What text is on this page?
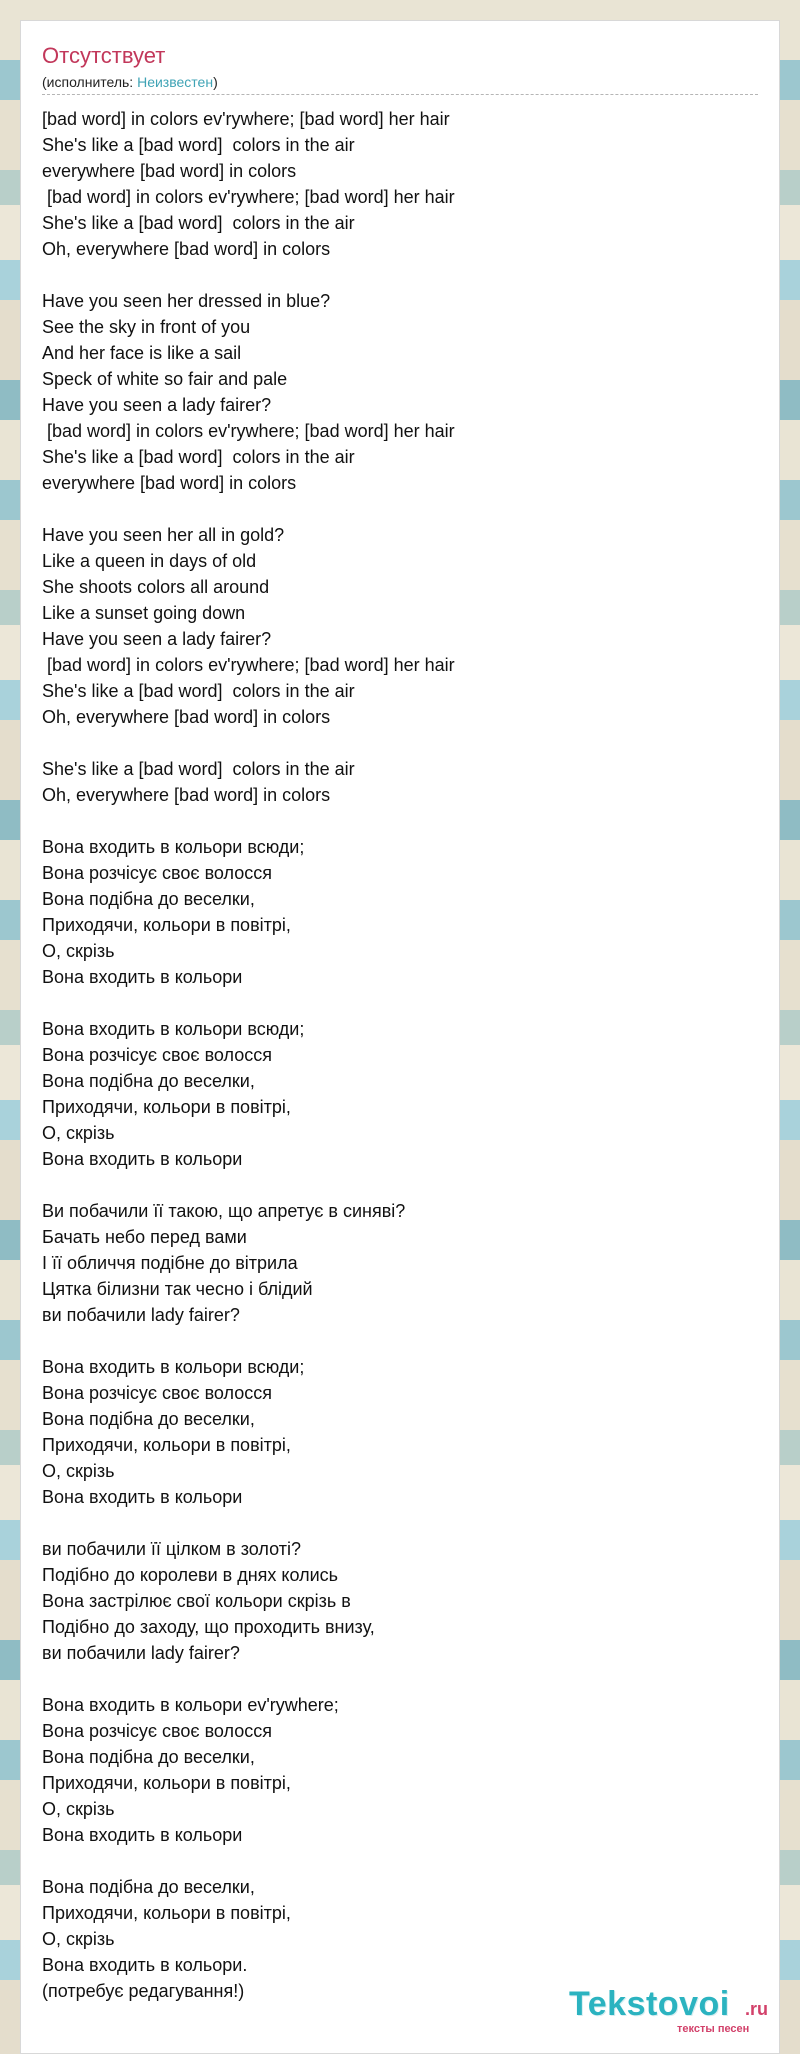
Отсутствует

(исполнитель: Неизвестен)

[bad word] in colors ev'rywhere; [bad word] her hair
She's like a [bad word]  colors in the air
everywhere [bad word] in colors
[bad word] in colors ev'rywhere; [bad word] her hair
She's like a [bad word]  colors in the air
Oh, everywhere [bad word] in colors
Have you seen her dressed in blue?
See the sky in front of you
And her face is like a sail
Speck of white so fair and pale
Have you seen a lady fairer?
[bad word] in colors ev'rywhere; [bad word] her hair
She's like a [bad word]  colors in the air
everywhere [bad word] in colors
Have you seen her all in gold?
Like a queen in days of old
She shoots colors all around
Like a sunset going down
Have you seen a lady fairer?
[bad word] in colors ev'rywhere; [bad word] her hair
She's like a [bad word]  colors in the air
Oh, everywhere [bad word] in colors
She's like a [bad word]  colors in the air
Oh, everywhere [bad word] in colors
Вона входить в кольори всюди;
Вона розчісує своє волосся
Вона подібна до веселки,
Приходячи, кольори в повітрі,
О, скрізь
Вона входить в кольори
Вона входить в кольори всюди;
Вона розчісує своє волосся
Вона подібна до веселки,
Приходячи, кольори в повітрі,
О, скрізь
Вона входить в кольори
Ви побачили її такою, що апретує в синяві?
Бачать небо перед вами
І її обличчя подібне до вітрила
Цятка білизни так чесно і блідий
ви побачили lady fairer?
Вона входить в кольори всюди;
Вона розчісує своє волосся
Вона подібна до веселки,
Приходячи, кольори в повітрі,
О, скрізь
Вона входить в кольори
ви побачили її цілком в золоті?
Подібно до королеви в днях колись
Вона застрілює свої кольори скрізь в
Подібно до заходу, що проходить внизу,
ви побачили lady fairer?
Вона входить в кольори ev'rywhere;
Вона розчісує своє волосся
Вона подібна до веселки,
Приходячи, кольори в повітрі,
О, скрізь
Вона входить в кольори
Вона подібна до веселки,
Приходячи, кольори в повітрі,
О, скрізь
Вона входить в кольори.
(потребує редагування!)	Tekstovoi .ru
тексты песен
